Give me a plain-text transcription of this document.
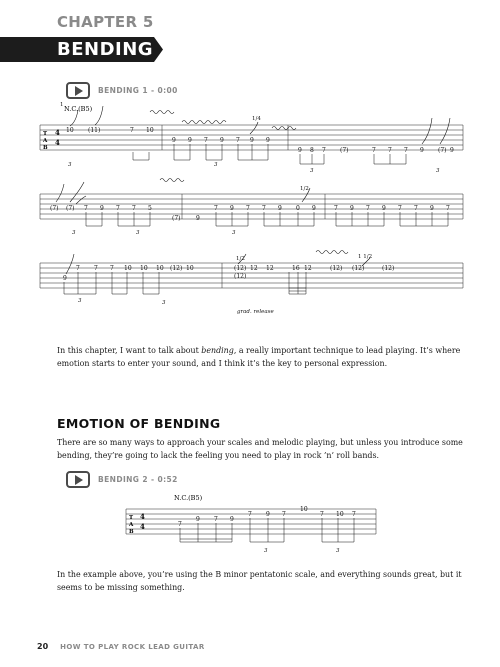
CHAPTER 5
BENDING
BENDING 1 - 0:00
N.C.(B5)
T
A
B
4
4
10 (11)	7 10
9 9 7 9 7 9 9
9 8 7 (7)	7 7 7 9 (7) 9
(7) (7) 7 9 7 7 5
(7)	9
7 9 7 7 9 0 9	7 9 7 9 7 7 9 7
9
7 7 7 10 10 10 (12) 10	(12)
(12)
12 12	16 12	(12) (12)	(12)
1
1/4
1/2
1/2	1 1/2
grad. release
3	3
3	3
3	3	3
3	3

In this chapter, I want to talk about bending, a really important technique to lead playing. It’s where emotion starts to enter your sound, and I think it’s the key to personal expression.

EMOTION OF BENDING

There are so many ways to approach your scales and melodic playing, but unless you introduce some bending, they’re going to lack the feeling you need to play in rock ’n’ roll bands.

BENDING 2 - 0:52
N.C.(B5)
T
A
B
4
4	7
9 7 9
7 9 7
10
7 10 7
3	3

In the example above, you’re using the B minor pentatonic scale, and everything sounds great, but it seems to be missing something.

20 HOW TO PLAY ROCK LEAD GUITAR
